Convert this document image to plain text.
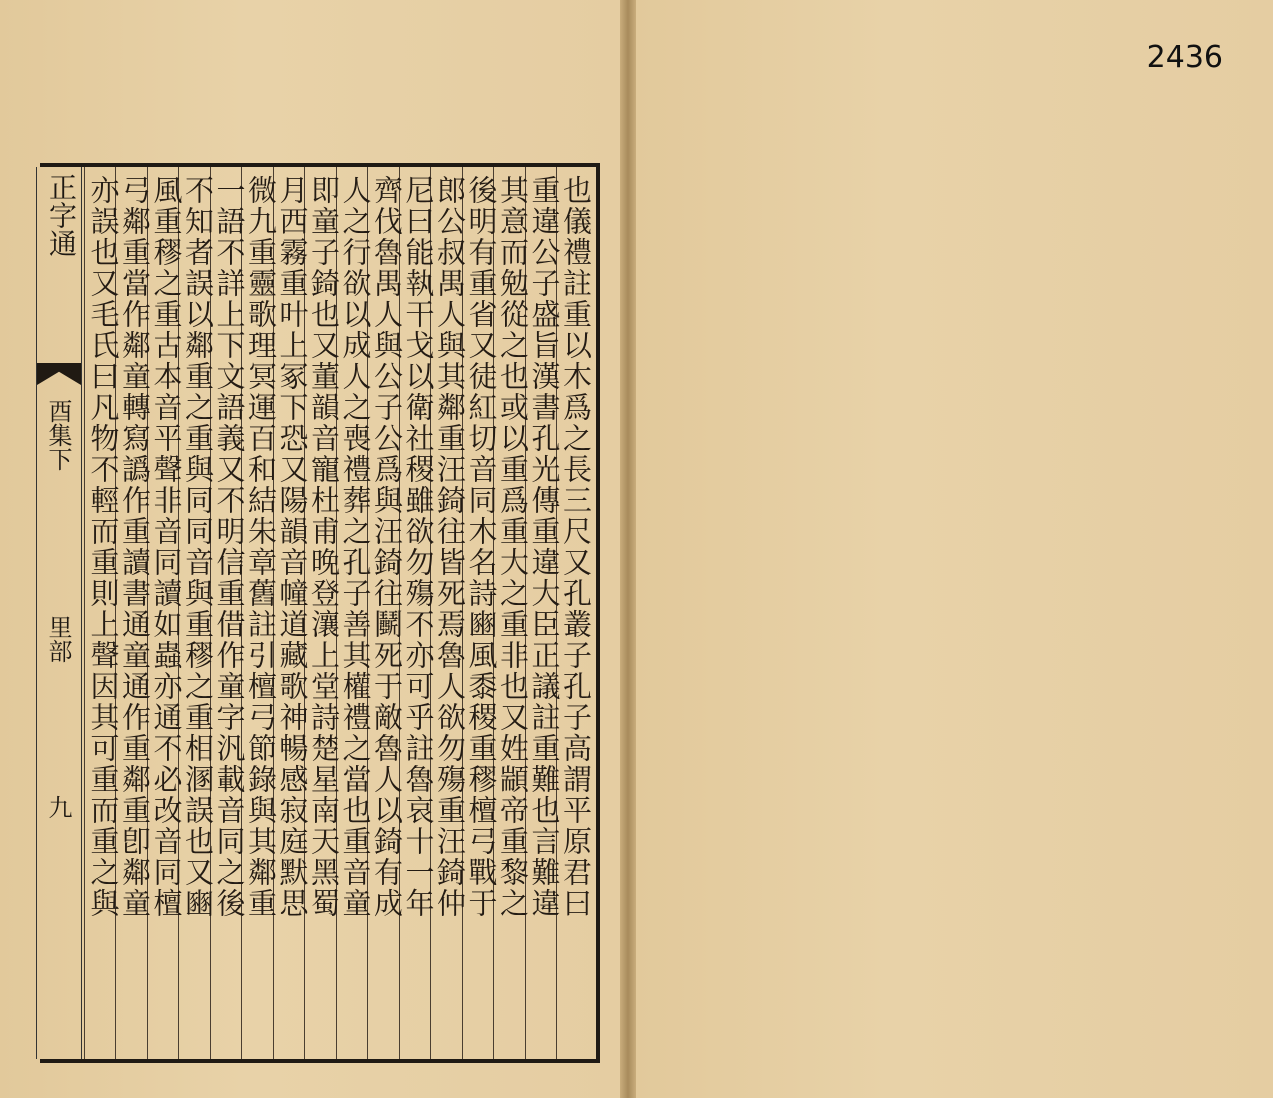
也儀禮註重以木爲之長三尺又孔叢子孔子高謂平原君曰
重違公子盛旨漢書孔光傳重違大臣正議註重難也言難違
其意而勉從之也或以重爲重大之重非也又姓顓帝重黎之
後明有重省又徒紅切音同木名詩豳風黍稷重穋檀弓戰于
郎公叔禺人與其鄰重汪錡往皆死焉魯人欲勿殤重汪錡仲
尼曰能執干戈以衛社稷雖欲勿殤不亦可乎註魯哀十一年
齊伐魯禺人與公子公爲與汪錡往鬭死于敵魯人以錡有成
人之行欲以成人之喪禮葬之孔子善其權禮之當也重音童
即童子錡也又董韻音寵杜甫晚登瀼上堂詩楚星南天黑蜀
月西霧重叶上冢下恐又陽韻音幢道藏歌神暢感寂庭默思
微九重靈歌理冥運百和結朱章舊註引檀弓節錄與其鄰重
一語不詳上下文語義又不明信重借作童字汎載音同之後
不知者誤以鄰重之重與同同音與重穋之重相溷誤也又豳
風重穋之重古本音平聲非音同讀如蟲亦通不必改音同檀
弓鄰重當作鄰童轉寫譌作重讀書通童通作重鄰重卽鄰童
亦誤也又毛氏曰凡物不輕而重則上聲因其可重而重之與
正字通
酉集下
里部
九
2436
